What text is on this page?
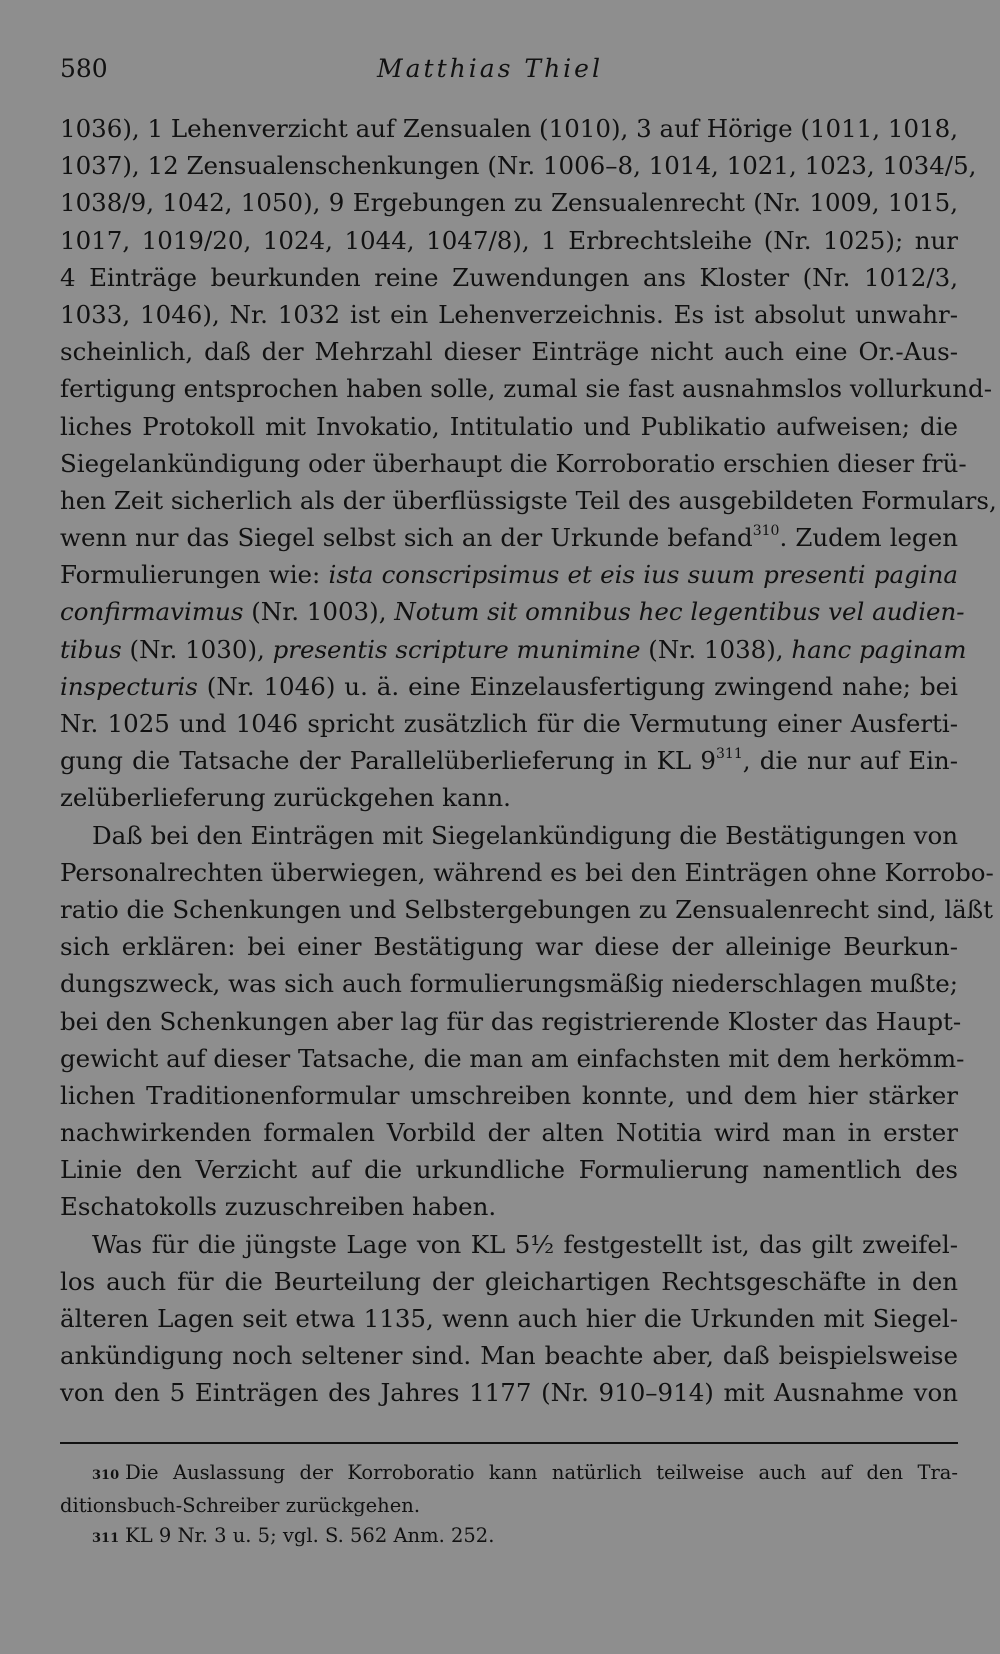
580	Matthias Thiel
1036), 1 Lehenverzicht auf Zensualen (1010), 3 auf Hörige (1011, 1018,
1037), 12 Zensualenschenkungen (Nr. 1006–8, 1014, 1021, 1023, 1034/5,
1038/9, 1042, 1050), 9 Ergebungen zu Zensualenrecht (Nr. 1009, 1015,
1017, 1019/20, 1024, 1044, 1047/8), 1 Erbrechtsleihe (Nr. 1025); nur
4 Einträge beurkunden reine Zuwendungen ans Kloster (Nr. 1012/3,
1033, 1046), Nr. 1032 ist ein Lehenverzeichnis. Es ist absolut unwahr-
scheinlich, daß der Mehrzahl dieser Einträge nicht auch eine Or.-Aus-
fertigung entsprochen haben solle, zumal sie fast ausnahmslos vollurkund-
liches Protokoll mit Invokatio, Intitulatio und Publikatio aufweisen; die
Siegelankündigung oder überhaupt die Korroboratio erschien dieser frü-
hen Zeit sicherlich als der überflüssigste Teil des ausgebildeten Formulars,
wenn nur das Siegel selbst sich an der Urkunde befand$^{310}$. Zudem legen
Formulierungen wie: ista conscripsimus et eis ius suum presenti pagina
confirmavimus (Nr. 1003), Notum sit omnibus hec legentibus vel audien-
tibus (Nr. 1030), presentis scripture munimine (Nr. 1038), hanc paginam
inspecturis (Nr. 1046) u. ä. eine Einzelausfertigung zwingend nahe; bei
Nr. 1025 und 1046 spricht zusätzlich für die Vermutung einer Ausferti-
gung die Tatsache der Parallelüberlieferung in KL $9^{311}$, die nur auf Ein-
zelüberlieferung zurückgehen kann.
Daß bei den Einträgen mit Siegelankündigung die Bestätigungen von
Personalrechten überwiegen, während es bei den Einträgen ohne Korrobo-
ratio die Schenkungen und Selbstergebungen zu Zensualenrecht sind, läßt
sich erklären: bei einer Bestätigung war diese der alleinige Beurkun-
dungszweck, was sich auch formulierungsmäßig niederschlagen mußte;
bei den Schenkungen aber lag für das registrierende Kloster das Haupt-
gewicht auf dieser Tatsache, die man am einfachsten mit dem herkömm-
lichen Traditionenformular umschreiben konnte, und dem hier stärker
nachwirkenden formalen Vorbild der alten Notitia wird man in erster
Linie den Verzicht auf die urkundliche Formulierung namentlich des
Eschatokolls zuzuschreiben haben.
Was für die jüngste Lage von KL 5½ festgestellt ist, das gilt zweifel-
los auch für die Beurteilung der gleichartigen Rechtsgeschäfte in den
älteren Lagen seit etwa 1135, wenn auch hier die Urkunden mit Siegel-
ankündigung noch seltener sind. Man beachte aber, daß beispielsweise
von den 5 Einträgen des Jahres 1177 (Nr. 910–914) mit Ausnahme von
310 Die Auslassung der Korroboratio kann natürlich teilweise auch auf den Tra-
ditionsbuch-Schreiber zurückgehen.
311 KL 9 Nr. 3 u. 5; vgl. S. 562 Anm. 252.
